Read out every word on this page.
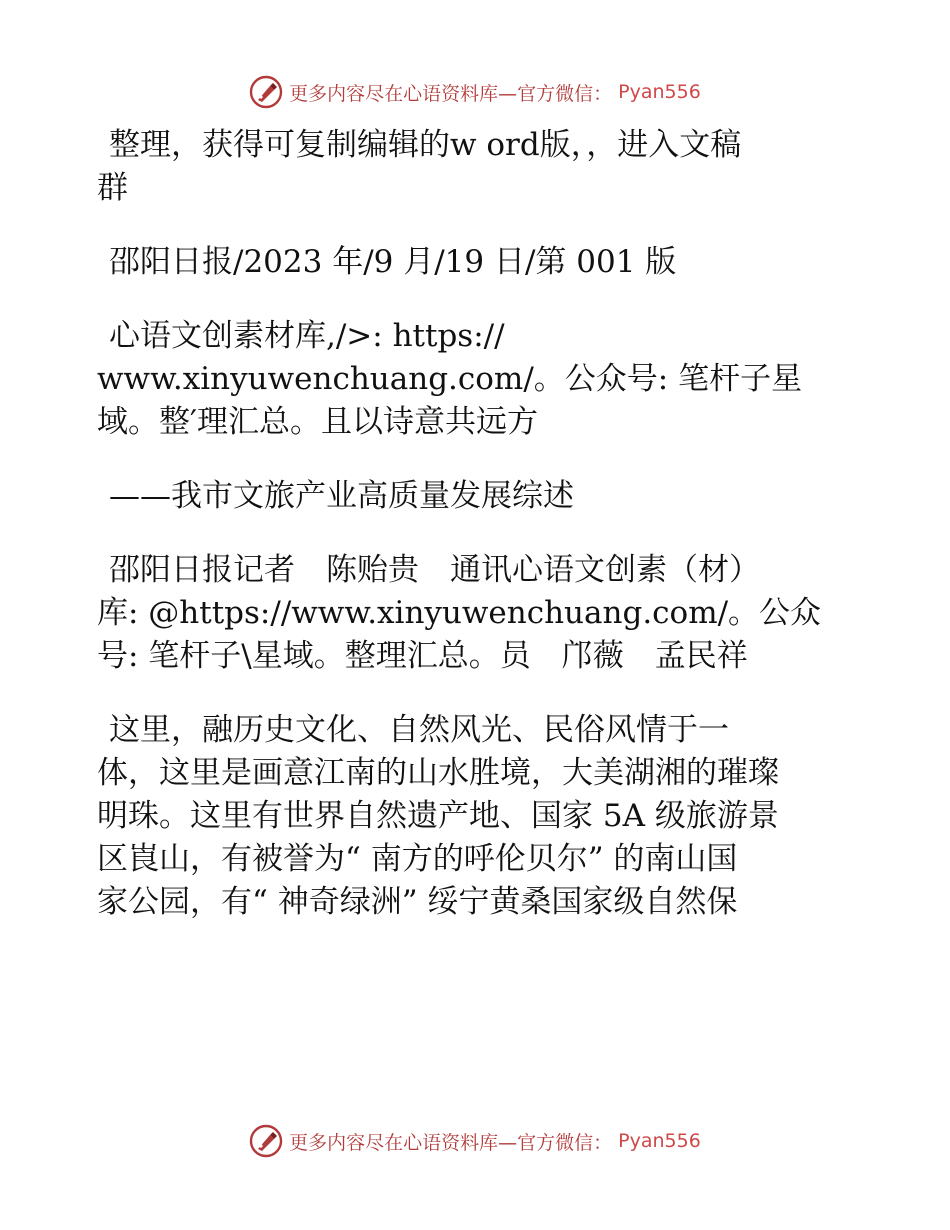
更多内容尽在心语资料库—官方微信： Pyan556

整理，获得可复制编辑的w ord版，，进入文稿
群

邵阳日报/2023 年/9 月/19 日/第 001 版

心语文创素材库,/>: https://
www.xinyuwenchuang.com/。公众号: 笔杆子星
域。整′理汇总。且以诗意共远方

——我市文旅产业高质量发展综述

邵阳日报记者　陈贻贵　通讯心语文创素（材）
库: @https://www.xinyuwenchuang.com/。公众
号: 笔杆子\星域。整理汇总。员　邝薇　孟民祥

这里，融历史文化、自然风光、民俗风情于一
体，这里是画意江南的山水胜境，大美湖湘的璀璨
明珠。这里有世界自然遗产地、国家 5A 级旅游景
区崀山，有被誉为“ 南方的呼伦贝尔” 的南山国
家公园，有“ 神奇绿洲” 绥宁黄桑国家级自然保

更多内容尽在心语资料库—官方微信： Pyan556
